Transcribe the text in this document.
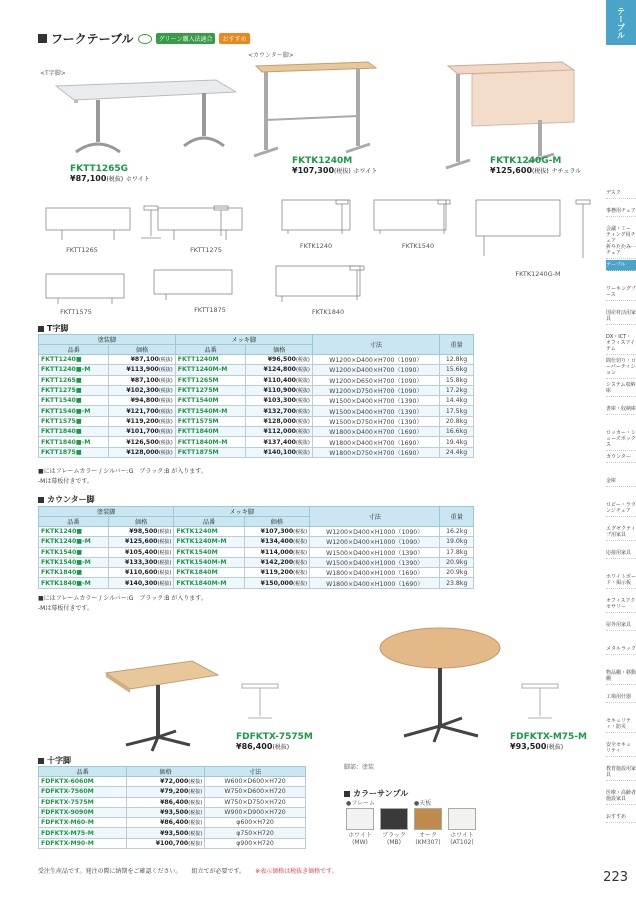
フークテーブル	グリーン購入法適合	おすすめ
<T字脚>
<カウンター脚>
FKTT1265G
¥87,100(税抜) ホワイト
FKTK1240M
¥107,300(税抜) ホワイト
FKTK1240G-M
¥125,600(税抜) ナチュラル
FKTT1265	FKTT1275	FKTK1240	FKTK1540
FKTT1575	FKTT1875	FKTK1840
FKTK1240G-M
T字脚
塗装脚		メッキ脚		寸法	重量
品番	価格	品番	価格		
FKTT1240■	¥87,100(税抜)	FKTT1240M	¥96,500(税抜)	W1200×D400×H700（1090）	12.8kg
FKTT1240■-M	¥113,900(税抜)	FKTT1240M-M	¥124,800(税抜)	W1200×D400×H700（1090）	15.6kg
FKTT1265■	¥87,100(税抜)	FKTT1265M	¥110,400(税抜)	W1200×D650×H700（1090）	15.8kg
FKTT1275■	¥102,300(税抜)	FKTT1275M	¥110,900(税抜)	W1200×D750×H700（1090）	17.2kg
FKTT1540■	¥94,800(税抜)	FKTT1540M	¥103,300(税抜)	W1500×D400×H700（1390）	14.4kg
FKTT1540■-M	¥121,700(税抜)	FKTT1540M-M	¥132,700(税抜)	W1500×D400×H700（1390）	17.5kg
FKTT1575■	¥119,200(税抜)	FKTT1575M	¥128,000(税抜)	W1500×D750×H700（1390）	20.8kg
FKTT1840■	¥101,700(税抜)	FKTT1840M	¥112,000(税抜)	W1800×D400×H700（1690）	16.6kg
FKTT1840■-M	¥126,500(税抜)	FKTT1840M-M	¥137,400(税抜)	W1800×D400×H700（1690）	19.4kg
FKTT1875■	¥128,000(税抜)	FKTT1875M	¥140,100(税抜)	W1800×D750×H700（1690）	24.4kg
■にはフレームカラー / シルバー:G　ブラック:B が入ります。
-Mは幕板付きです。
カウンター脚
塗装脚		メッキ脚		寸法	重量
品番	価格	品番	価格		
FKTK1240■	¥98,500(税抜)	FKTK1240M	¥107,300(税抜)	W1200×D400×H1000（1090）	16.2kg
FKTK1240■-M	¥125,600(税抜)	FKTK1240M-M	¥134,400(税抜)	W1200×D400×H1000（1090）	19.0kg
FKTK1540■	¥105,400(税抜)	FKTK1540M	¥114,000(税抜)	W1500×D400×H1000（1390）	17.8kg
FKTK1540■-M	¥133,300(税抜)	FKTK1540M-M	¥142,200(税抜)	W1500×D400×H1000（1390）	20.9kg
FKTK1840■	¥110,600(税抜)	FKTK1840M	¥119,200(税抜)	W1800×D400×H1000（1690）	20.9kg
FKTK1840■-M	¥140,300(税抜)	FKTK1840M-M	¥150,000(税抜)	W1800×D400×H1000（1690）	23.8kg
■にはフレームカラー / シルバー:G　ブラック:B が入ります。
-Mは幕板付きです。
FDFKTX-7575M
¥86,400(税抜)
FDFKTX-M75-M
¥93,500(税抜)
十字脚
品番	価格	寸法
FDFKTX-6060M	¥72,000(税抜)	W600×D600×H720
FDFKTX-7560M	¥79,200(税抜)	W750×D600×H720
FDFKTX-7575M	¥86,400(税抜)	W750×D750×H720
FDFKTX-9090M	¥93,500(税抜)	W900×D900×H720
FDFKTX-M60-M	¥86,400(税抜)	φ600×H720
FDFKTX-M75-M	¥93,500(税抜)	φ750×H720
FDFKTX-M90-M	¥100,700(税抜)	φ900×H720
脚部：塗装
カラーサンプル
●フレーム	●天板
ホワイト
(MW)
ブラック
(MB)
オーク
(KM307)
ホワイト
(AT102)
受注生産品です。発注の際に納期をご確認ください。 組立てが必要です。 ※表示価格は税抜き価格です。
テーブル
デスク
事務用チェア
会議・ミーティング用チェア
折りたたみチェア
テーブル
ワーキングブース
国産材活用家具
DX・ICT・オフィスアイテム
間仕切り・ローパーティション
システム収納庫
書庫・収納庫
ロッカー・シューズボックス
カウンター
金庫
ロビー・ラウンジチェア
エグゼクティブ用家具
応接用家具
ホワイトボード・掲示板
オフィスアクセサリー
屋外用家具
メタルラック
物品棚・移動棚
工場用什器
セキュリティ・防災
安全セキュリティ
教育施設用家具
医療・高齢者施設家具
おすすめ
223
